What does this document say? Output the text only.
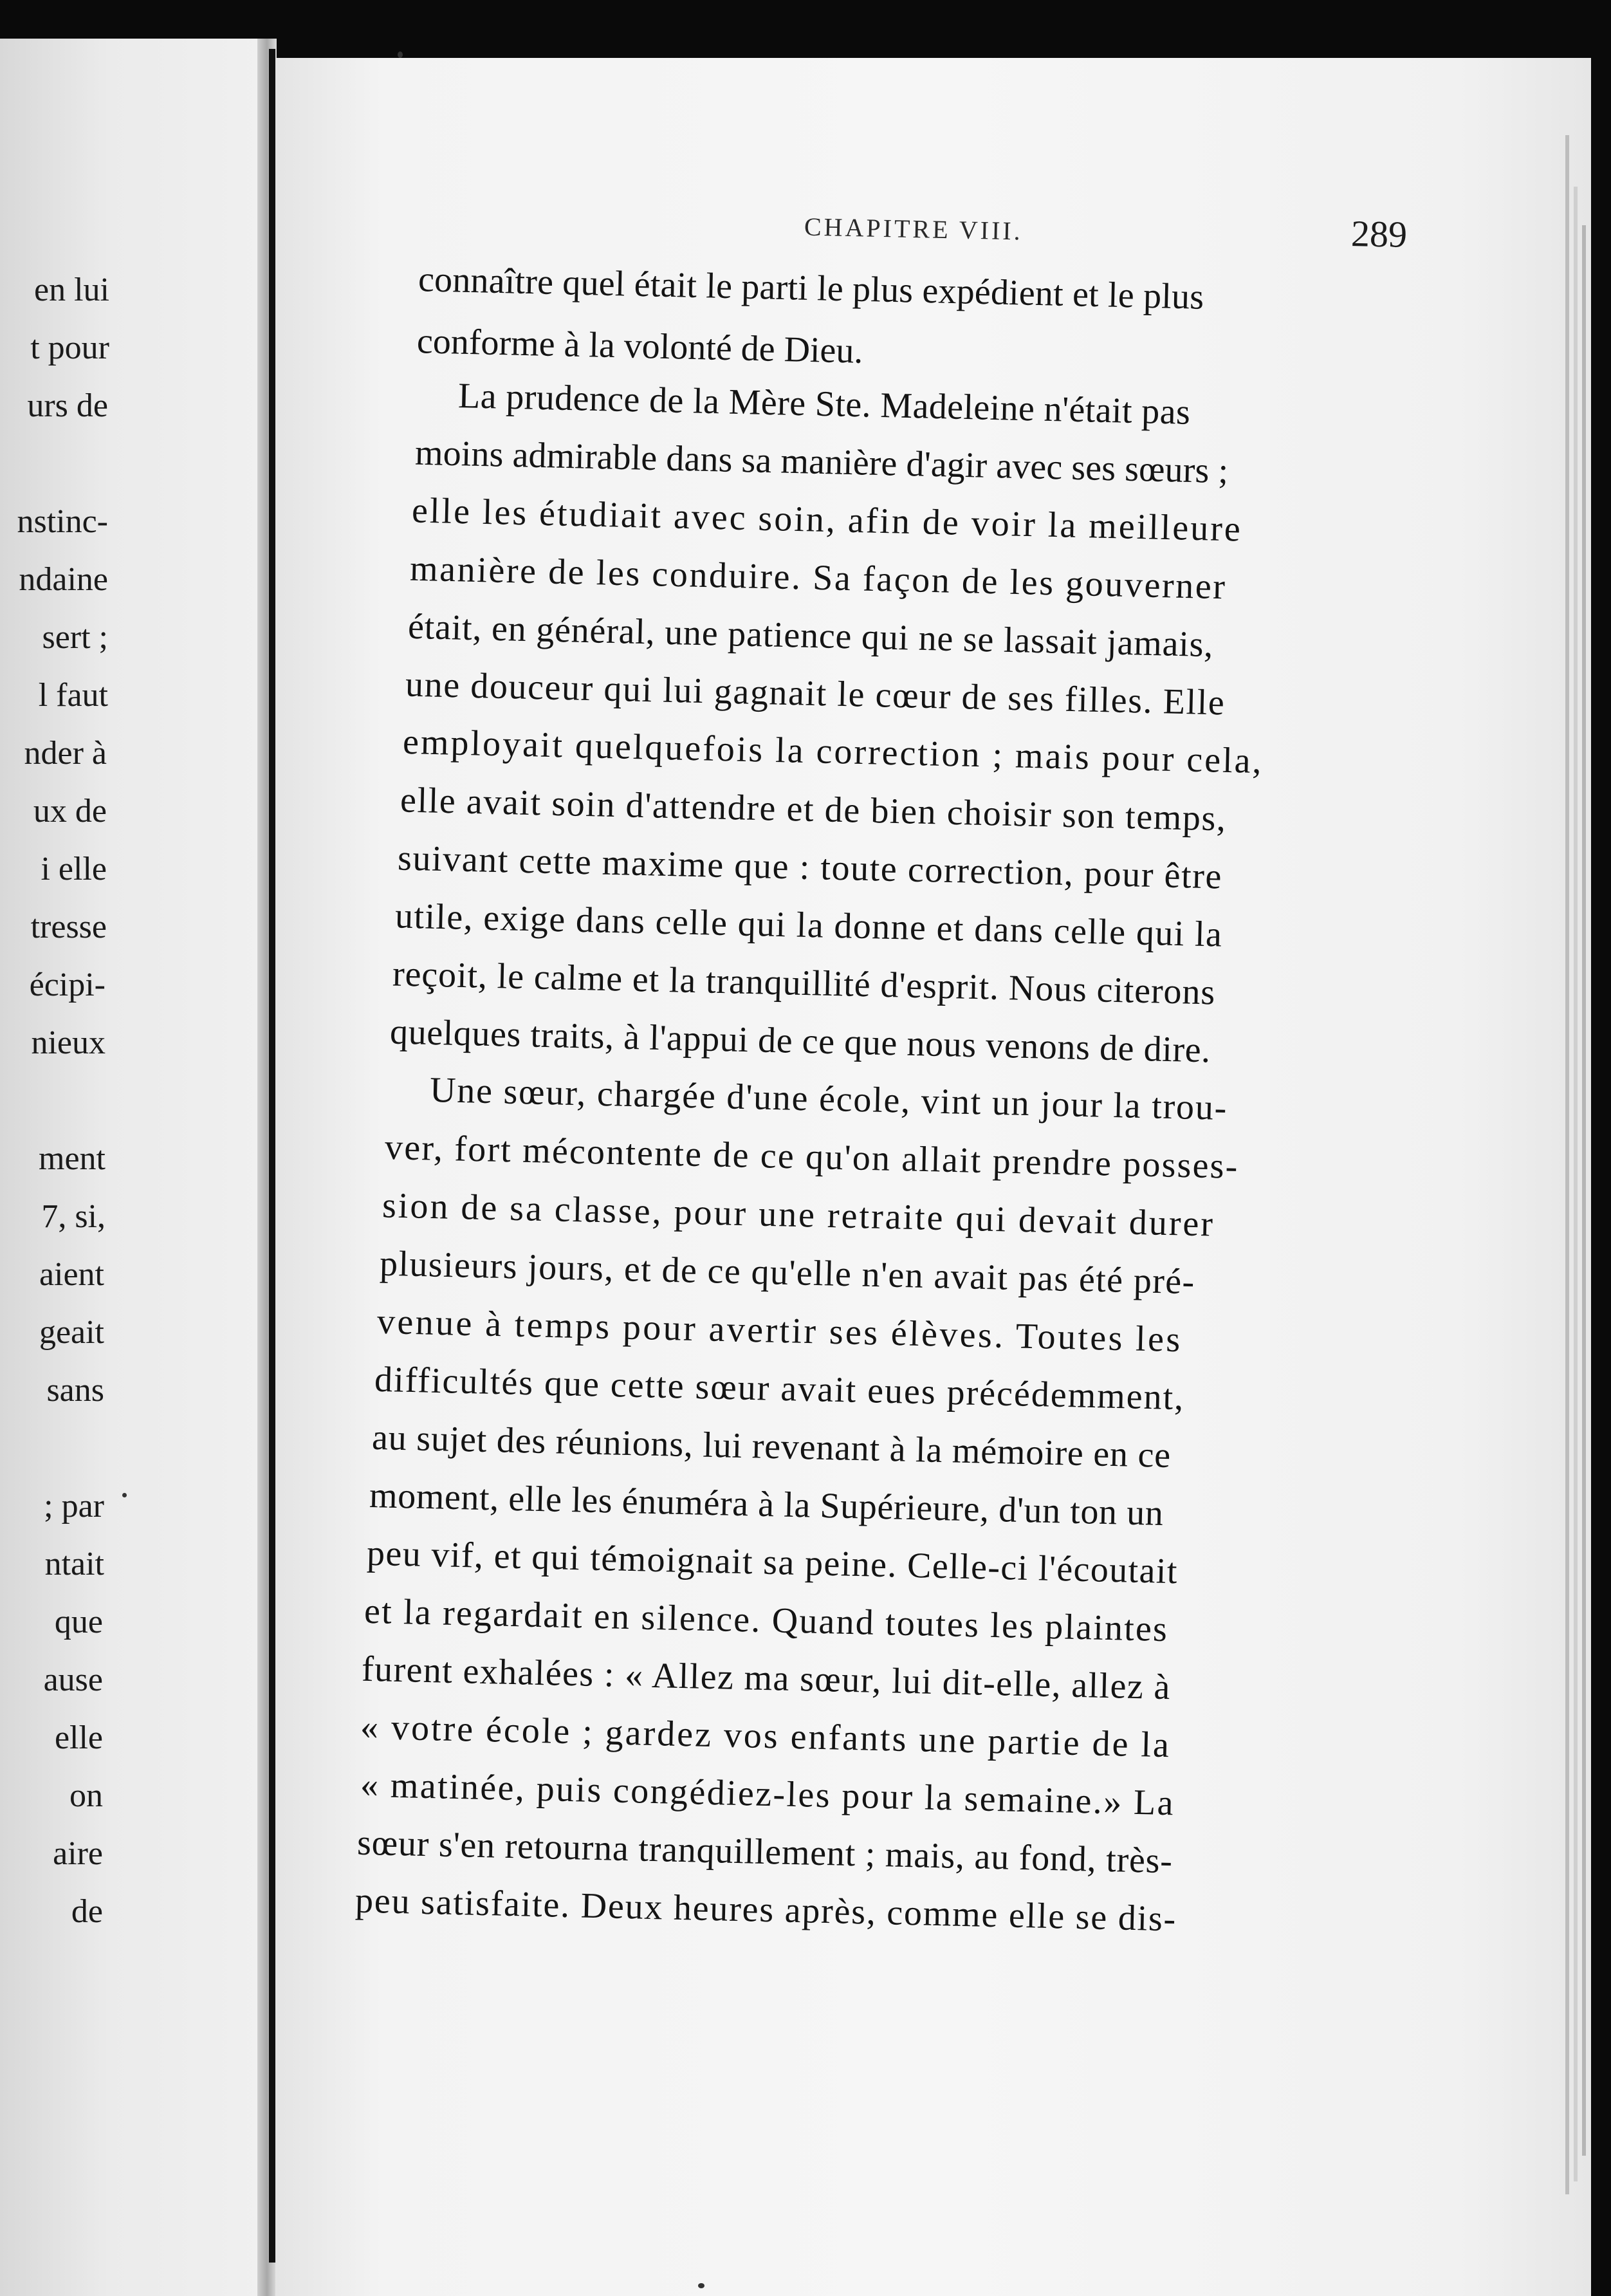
en lui
t pour
urs de
nstinc-
ndaine
sert ;
l faut
nder à
ux de
i elle
tresse
écipi-
nieux
ment
7, si,
aient
geait
sans
; par
ntait
que
ause
elle
on
aire
de
CHAPITRE VIII.	289
connaître quel était le parti le plus expédient et le plus
conforme à la volonté de Dieu.
La prudence de la Mère Ste. Madeleine n'était pas
moins admirable dans sa manière d'agir avec ses sœurs ;
elle les étudiait avec soin, afin de voir la meilleure
manière de les conduire. Sa façon de les gouverner
était, en général, une patience qui ne se lassait jamais,
une douceur qui lui gagnait le cœur de ses filles. Elle
employait quelquefois la correction ; mais pour cela,
elle avait soin d'attendre et de bien choisir son temps,
suivant cette maxime que : toute correction, pour être
utile, exige dans celle qui la donne et dans celle qui la
reçoit, le calme et la tranquillité d'esprit. Nous citerons
quelques traits, à l'appui de ce que nous venons de dire.
Une sœur, chargée d'une école, vint un jour la trou-
ver, fort mécontente de ce qu'on allait prendre posses-
sion de sa classe, pour une retraite qui devait durer
plusieurs jours, et de ce qu'elle n'en avait pas été pré-
venue à temps pour avertir ses élèves. Toutes les
difficultés que cette sœur avait eues précédemment,
au sujet des réunions, lui revenant à la mémoire en ce
moment, elle les énuméra à la Supérieure, d'un ton un
peu vif, et qui témoignait sa peine. Celle-ci l'écoutait
et la regardait en silence. Quand toutes les plaintes
furent exhalées : « Allez ma sœur, lui dit-elle, allez à
« votre école ; gardez vos enfants une partie de la
« matinée, puis congédiez-les pour la semaine.» La
sœur s'en retourna tranquillement ; mais, au fond, très-
peu satisfaite. Deux heures après, comme elle se dis-
